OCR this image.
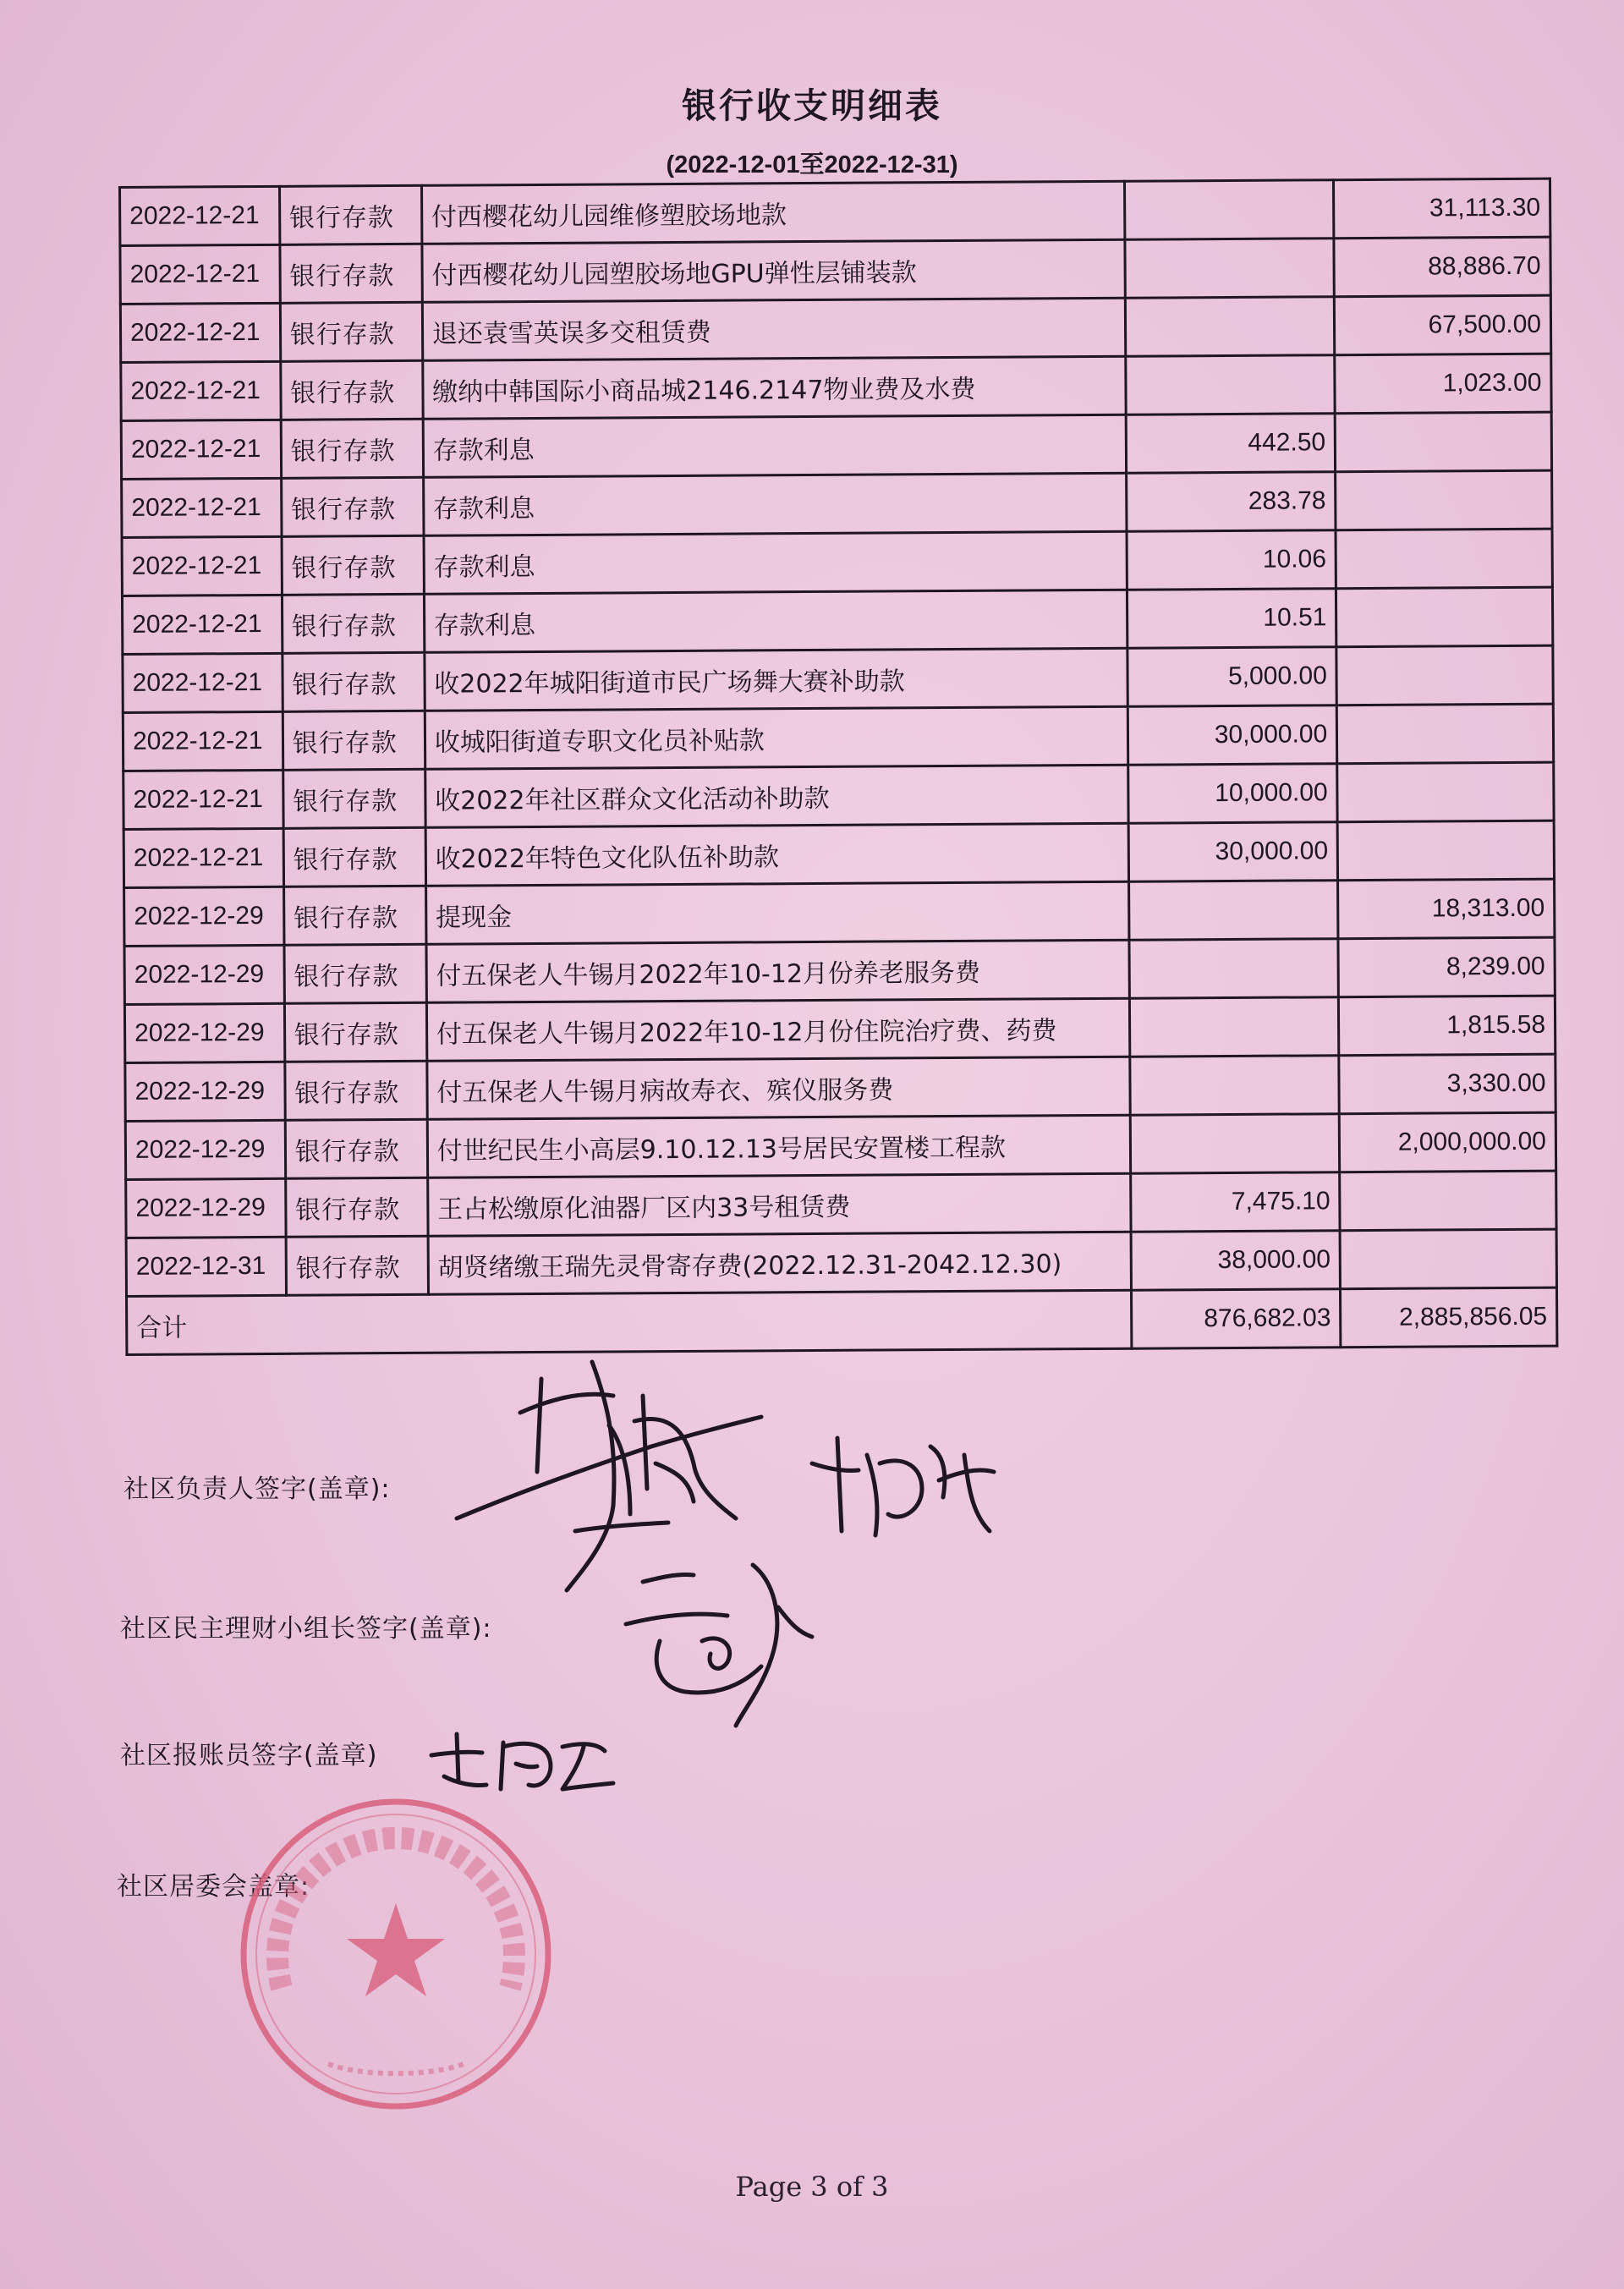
银行收支明细表
(2022-12-01至2022-12-31)
2022-12-21	银行存款	付西樱花幼儿园维修塑胶场地款		31,113.30
2022-12-21	银行存款	付西樱花幼儿园塑胶场地GPU弹性层铺装款		88,886.70
2022-12-21	银行存款	退还袁雪英误多交租赁费		67,500.00
2022-12-21	银行存款	缴纳中韩国际小商品城2146.2147物业费及水费		1,023.00
2022-12-21	银行存款	存款利息	442.50	
2022-12-21	银行存款	存款利息	283.78	
2022-12-21	银行存款	存款利息	10.06	
2022-12-21	银行存款	存款利息	10.51	
2022-12-21	银行存款	收2022年城阳街道市民广场舞大赛补助款	5,000.00	
2022-12-21	银行存款	收城阳街道专职文化员补贴款	30,000.00	
2022-12-21	银行存款	收2022年社区群众文化活动补助款	10,000.00	
2022-12-21	银行存款	收2022年特色文化队伍补助款	30,000.00	
2022-12-29	银行存款	提现金		18,313.00
2022-12-29	银行存款	付五保老人牛锡月2022年10-12月份养老服务费		8,239.00
2022-12-29	银行存款	付五保老人牛锡月2022年10-12月份住院治疗费、药费		1,815.58
2022-12-29	银行存款	付五保老人牛锡月病故寿衣、殡仪服务费		3,330.00
2022-12-29	银行存款	付世纪民生小高层9.10.12.13号居民安置楼工程款		2,000,000.00
2022-12-29	银行存款	王占松缴原化油器厂区内33号租赁费	7,475.10	
2022-12-31	银行存款	胡贤绪缴王瑞先灵骨寄存费(2022.12.31-2042.12.30)	38,000.00	
合计			876,682.03	2,885,856.05
社区负责人签字(盖章):
社区民主理财小组长签字(盖章):
社区报账员签字(盖章)
社区居委会盖章:
Page 3 of 3
